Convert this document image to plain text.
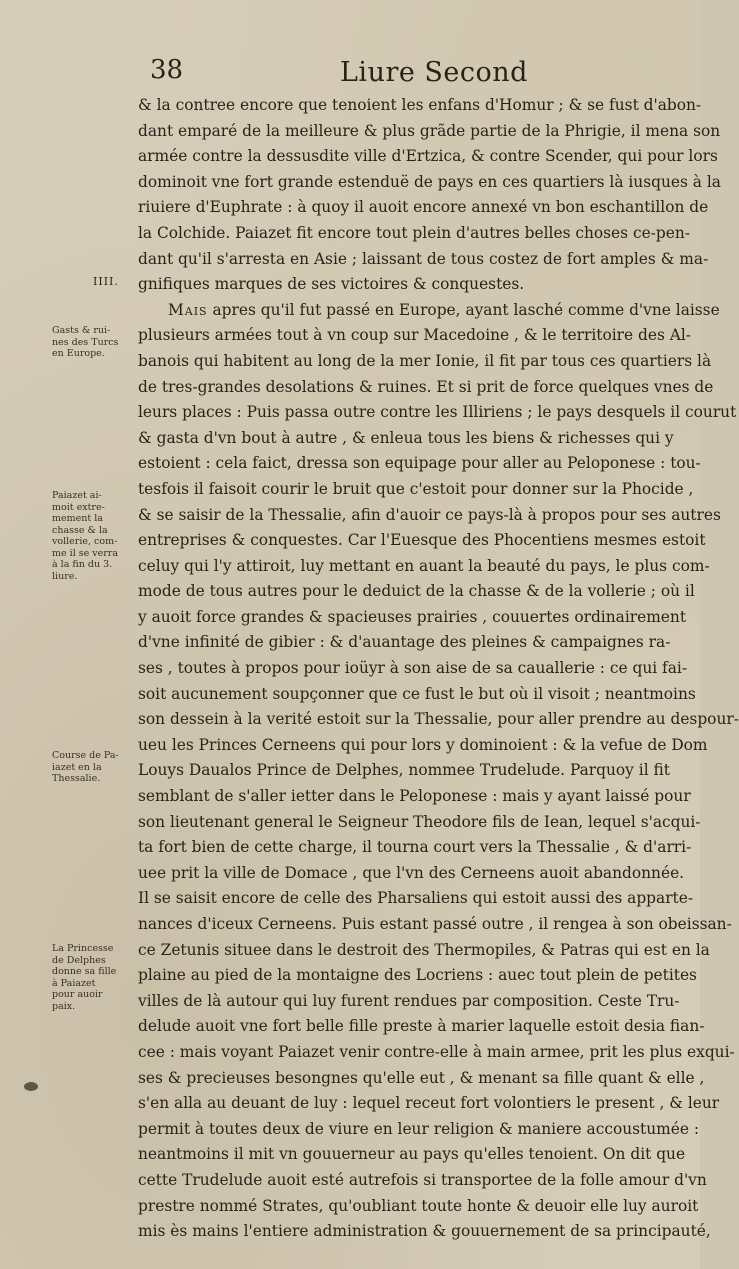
38	Liure Second
IIII.
Gasts & rui-
nes des Turcs
en Europe.
Paiazet ai-
moit extre-
mement la
chasse & la
vollerie, com-
me il se verra
à la fin du 3.
liure.
Course de Pa-
iazet en la
Thessalie.
La Princesse
de Delphes
donne sa fille
à Paiazet
pour auoir
paix.
& la contree encore que tenoient les enfans d'Homur ; & se fust d'abon-
dant emparé de la meilleure & plus grãde partie de la Phrigie, il mena son
armée contre la dessusdite ville d'Ertzica, & contre Scender, qui pour lors
dominoit vne fort grande estenduë de pays en ces quartiers là iusques à la
riuiere d'Euphrate : à quoy il auoit encore annexé vn bon eschantillon de
la Colchide. Paiazet fit encore tout plein d'autres belles choses ce-pen-
dant qu'il s'arresta en Asie ; laissant de tous costez de fort amples & ma-
gnifiques marques de ses victoires & conquestes.
Mais apres qu'il fut passé en Europe, ayant lasché comme d'vne laisse
plusieurs armées tout à vn coup sur Macedoine , & le territoire des Al-
banois qui habitent au long de la mer Ionie, il fit par tous ces quartiers là
de tres-grandes desolations & ruines. Et si prit de force quelques vnes de
leurs places : Puis passa outre contre les Illiriens ; le pays desquels il courut
& gasta d'vn bout à autre , & enleua tous les biens & richesses qui y
estoient : cela faict, dressa son equipage pour aller au Peloponese : tou-
tesfois il faisoit courir le bruit que c'estoit pour donner sur la Phocide ,
& se saisir de la Thessalie, afin d'auoir ce pays-là à propos pour ses autres
entreprises & conquestes. Car l'Euesque des Phocentiens mesmes estoit
celuy qui l'y attiroit, luy mettant en auant la beauté du pays, le plus com-
mode de tous autres pour le deduict de la chasse & de la vollerie ; où il
y auoit force grandes & spacieuses prairies , couuertes ordinairement
d'vne infinité de gibier : & d'auantage des pleines & campaignes ra-
ses , toutes à propos pour ioüyr à son aise de sa cauallerie : ce qui fai-
soit aucunement soupçonner que ce fust le but où il visoit ; neantmoins
son dessein à la verité estoit sur la Thessalie, pour aller prendre au despour-
ueu les Princes Cerneens qui pour lors y dominoient : & la vefue de Dom
Louys Daualos Prince de Delphes, nommee Trudelude. Parquoy il fit
semblant de s'aller ietter dans le Peloponese : mais y ayant laissé pour
son lieutenant general le Seigneur Theodore fils de Iean, lequel s'acqui-
ta fort bien de cette charge, il tourna court vers la Thessalie , & d'arri-
uee prit la ville de Domace , que l'vn des Cerneens auoit abandonnée.
Il se saisit encore de celle des Pharsaliens qui estoit aussi des apparte-
nances d'iceux Cerneens. Puis estant passé outre , il rengea à son obeissan-
ce Zetunis situee dans le destroit des Thermopiles, & Patras qui est en la
plaine au pied de la montaigne des Locriens : auec tout plein de petites
villes de là autour qui luy furent rendues par composition. Ceste Tru-
delude auoit vne fort belle fille preste à marier laquelle estoit desia fian-
cee : mais voyant Paiazet venir contre-elle à main armee, prit les plus exqui-
ses & precieuses besongnes qu'elle eut , & menant sa fille quant & elle ,
s'en alla au deuant de luy : lequel receut fort volontiers le present , & leur
permit à toutes deux de viure en leur religion & maniere accoustumée :
neantmoins il mit vn gouuerneur au pays qu'elles tenoient. On dit que
cette Trudelude auoit esté autrefois si transportee de la folle amour d'vn
prestre nommé Strates, qu'oubliant toute honte & deuoir elle luy auroit
mis ès mains l'entiere administration & gouuernement de sa principauté,
